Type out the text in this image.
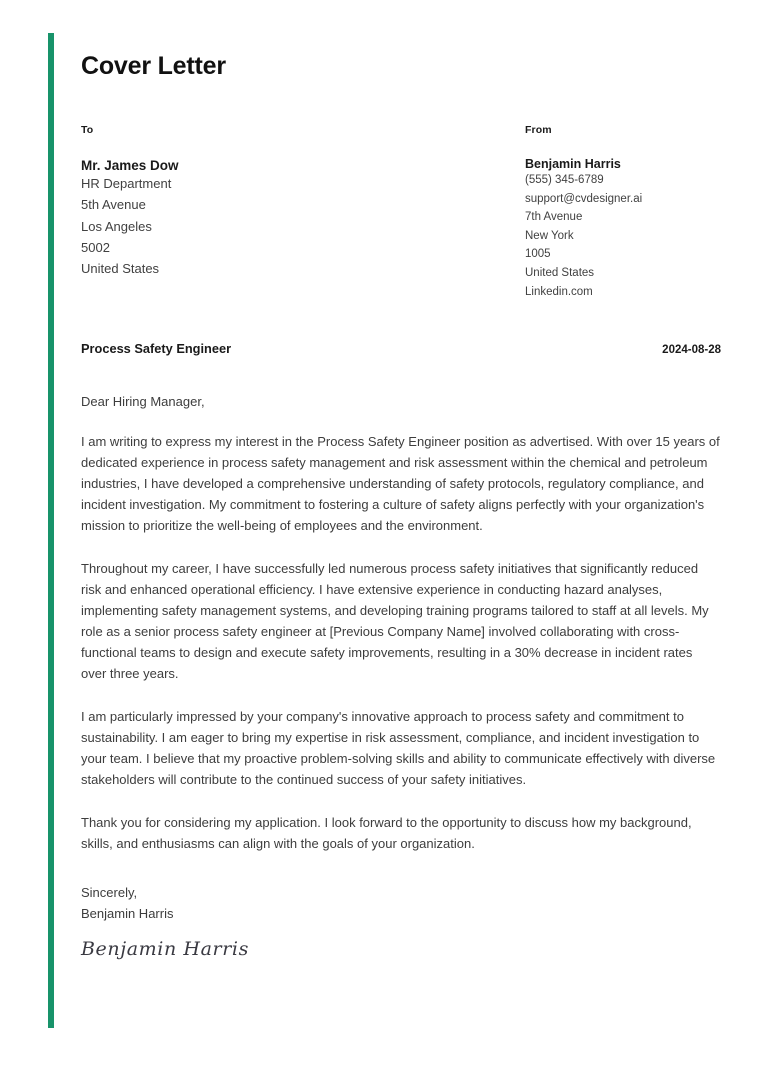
Cover Letter
To
Mr. James Dow
HR Department
5th Avenue
Los Angeles
5002
United States
From
Benjamin Harris
(555) 345-6789
support@cvdesigner.ai
7th Avenue
New York
1005
United States
Linkedin.com
Process Safety Engineer	2024-08-28
Dear Hiring Manager,

I am writing to express my interest in the Process Safety Engineer position as advertised. With over 15 years of dedicated experience in process safety management and risk assessment within the chemical and petroleum industries, I have developed a comprehensive understanding of safety protocols, regulatory compliance, and incident investigation. My commitment to fostering a culture of safety aligns perfectly with your organization's mission to prioritize the well-being of employees and the environment.

Throughout my career, I have successfully led numerous process safety initiatives that significantly reduced risk and enhanced operational efficiency. I have extensive experience in conducting hazard analyses, implementing safety management systems, and developing training programs tailored to staff at all levels. My role as a senior process safety engineer at [Previous Company Name] involved collaborating with cross-functional teams to design and execute safety improvements, resulting in a 30% decrease in incident rates over three years.

I am particularly impressed by your company's innovative approach to process safety and commitment to sustainability. I am eager to bring my expertise in risk assessment, compliance, and incident investigation to your team. I believe that my proactive problem-solving skills and ability to communicate effectively with diverse stakeholders will contribute to the continued success of your safety initiatives.

Thank you for considering my application. I look forward to the opportunity to discuss how my background, skills, and enthusiasms can align with the goals of your organization.

Sincerely,
Benjamin Harris
Benjamin Harris
